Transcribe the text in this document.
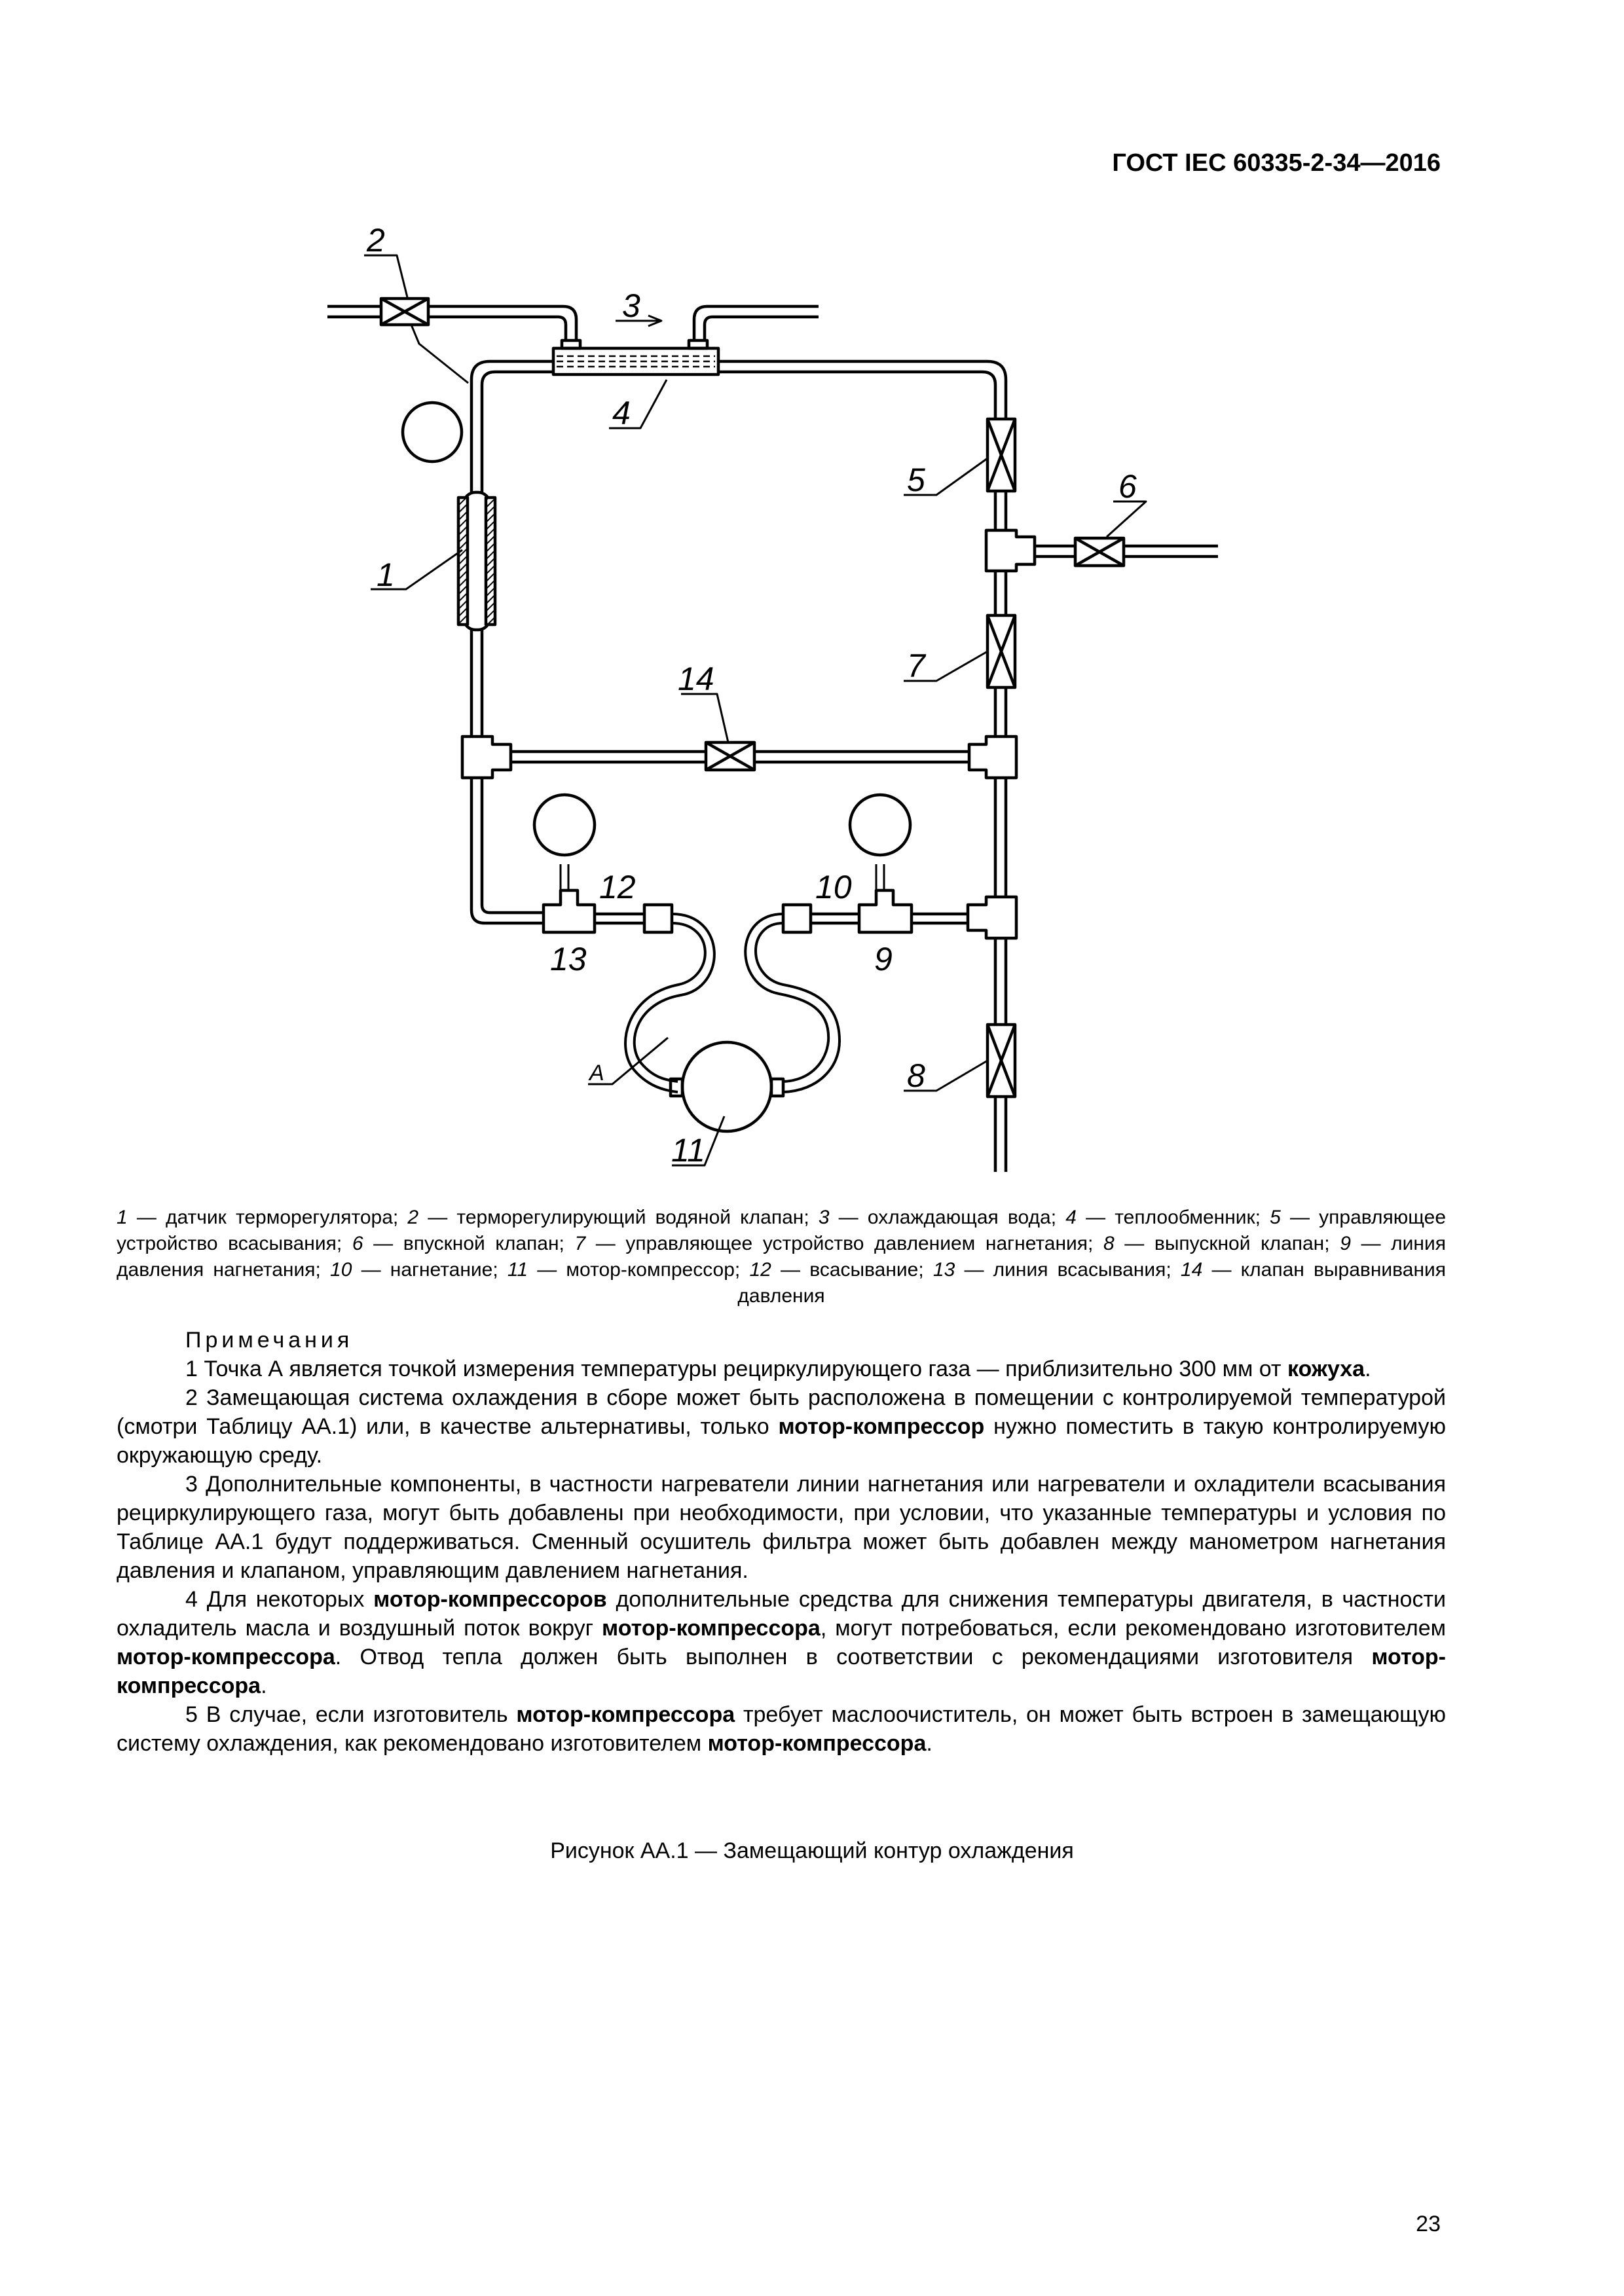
ГОСТ IEC 60335-2-34—2016
2
3
4
5	6
1
7
14
12	10
13	9
8
11
A
1 — датчик терморегулятора; 2 — терморегулирующий водяной клапан; 3 — охлаждающая вода; 4 — теплообменник; 5 — управляющее устройство всасывания; 6 — впускной клапан; 7 — управляющее устройство давлением нагнетания; 8 — выпускной клапан; 9 — линия давления нагнетания; 10 — нагнетание; 11 — мотор-компрессор; 12 — всасывание; 13 — линия всасывания; 14 — клапан выравнивания давления
Примечания

1 Точка А является точкой измерения температуры рециркулирующего газа — приблизительно 300 мм от кожуха.

2 Замещающая система охлаждения в сборе может быть расположена в помещении с контролируемой температурой (смотри Таблицу АА.1) или, в качестве альтернативы, только мотор-компрессор нужно поместить в такую контролируемую окружающую среду.

3 Дополнительные компоненты, в частности нагреватели линии нагнетания или нагреватели и охладители всасывания рециркулирующего газа, могут быть добавлены при необходимости, при условии, что указанные температуры и условия по Таблице АА.1 будут поддерживаться. Сменный осушитель фильтра может быть добавлен между манометром нагнетания давления и клапаном, управляющим давлением нагнетания.

4 Для некоторых мотор-компрессоров дополнительные средства для снижения температуры двигателя, в частности охладитель масла и воздушный поток вокруг мотор-компрессора, могут потребоваться, если рекомендовано изготовителем мотор-компрессора. Отвод тепла должен быть выполнен в соответствии с рекомендациями изготовителя мотор-компрессора.

5 В случае, если изготовитель мотор-компрессора требует маслоочиститель, он может быть встроен в замещающую систему охлаждения, как рекомендовано изготовителем мотор-компрессора.

Рисунок АА.1 — Замещающий контур охлаждения
23
